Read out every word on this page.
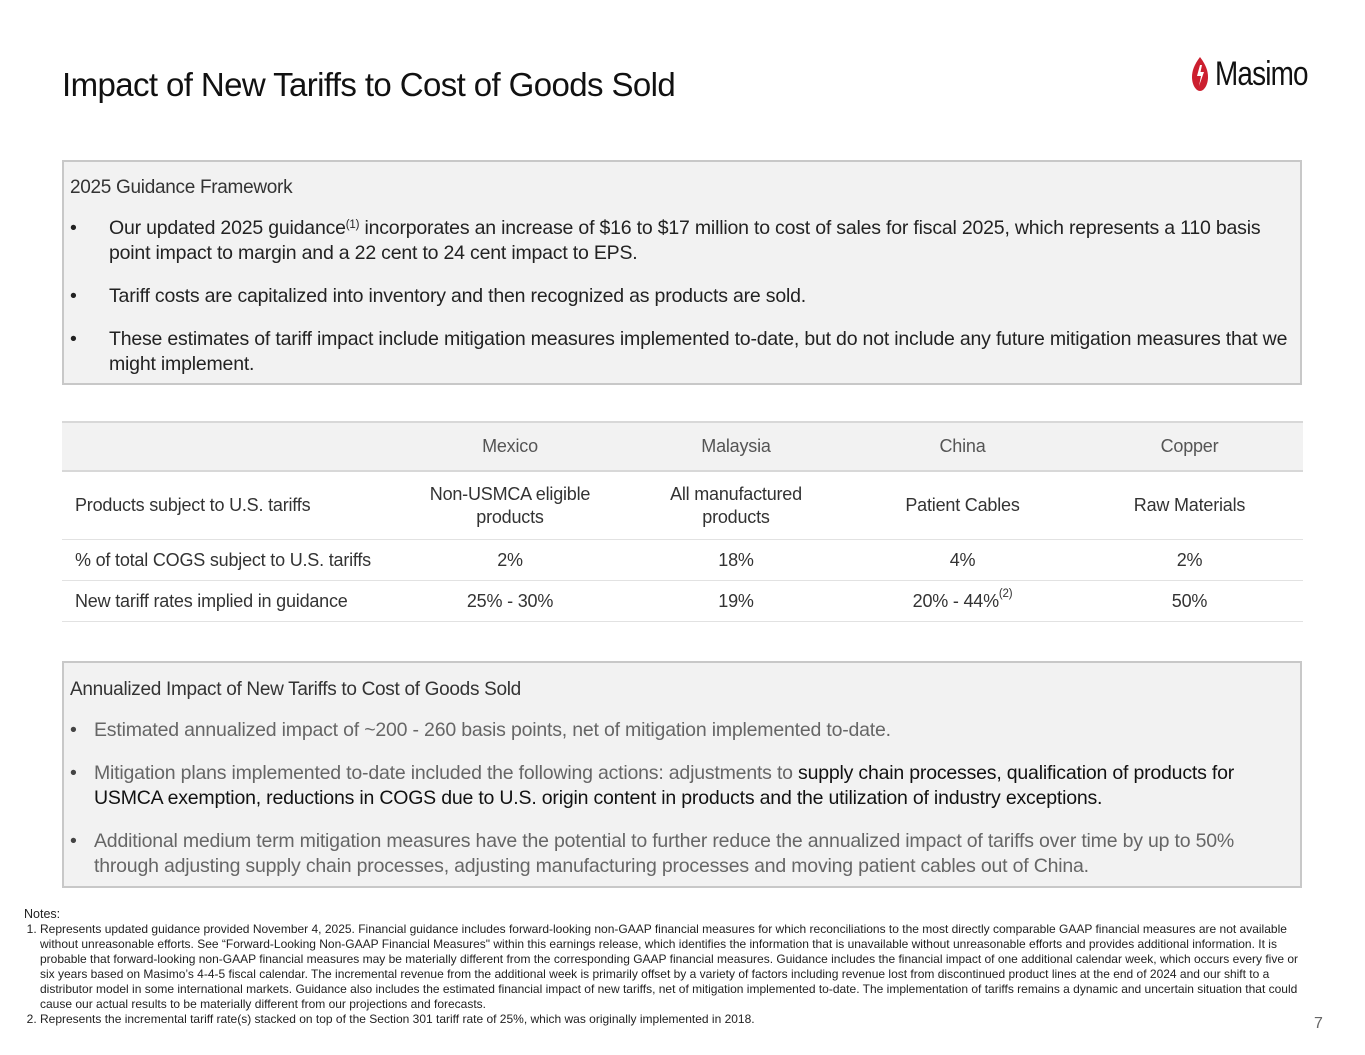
Impact of New Tariffs to Cost of Goods Sold	Masimo
2025 Guidance Framework
• Our updated 2025 guidance$^{(1)}$ incorporates an increase of $16 to $17 million to cost of sales for fiscal 2025, which represents a 110 basis point impact to margin and a 22 cent to 24 cent impact to EPS.
• Tariff costs are capitalized into inventory and then recognized as products are sold.
• These estimates of tariff impact include mitigation measures implemented to-date, but do not include any future mitigation measures that we might implement.
	Mexico	Malaysia	China	Copper
Products subject to U.S. tariffs	Non-USMCA eligible products	All manufactured products	Patient Cables	Raw Materials
% of total COGS subject to U.S. tariffs	2%	18%	4%	2%
New tariff rates implied in guidance	25% - 30%	19%	20% - 44%$^{(2)}$	50%
Annualized Impact of New Tariffs to Cost of Goods Sold
• Estimated annualized impact of ~200 - 260 basis points, net of mitigation implemented to-date.
• Mitigation plans implemented to-date included the following actions: adjustments to supply chain processes, qualification of products for USMCA exemption, reductions in COGS due to U.S. origin content in products and the utilization of industry exceptions.
• Additional medium term mitigation measures have the potential to further reduce the annualized impact of tariffs over time by up to 50% through adjusting supply chain processes, adjusting manufacturing processes and moving patient cables out of China.
Notes:
1. Represents updated guidance provided November 4, 2025. Financial guidance includes forward-looking non-GAAP financial measures for which reconciliations to the most directly comparable GAAP financial measures are not available without unreasonable efforts. See “Forward-Looking Non-GAAP Financial Measures" within this earnings release, which identifies the information that is unavailable without unreasonable efforts and provides additional information. It is probable that forward-looking non-GAAP financial measures may be materially different from the corresponding GAAP financial measures. Guidance includes the financial impact of one additional calendar week, which occurs every five or six years based on Masimo’s 4-4-5 fiscal calendar. The incremental revenue from the additional week is primarily offset by a variety of factors including revenue lost from discontinued product lines at the end of 2024 and our shift to a distributor model in some international markets. Guidance also includes the estimated financial impact of new tariffs, net of mitigation implemented to-date. The implementation of tariffs remains a dynamic and uncertain situation that could cause our actual results to be materially different from our projections and forecasts.
2. Represents the incremental tariff rate(s) stacked on top of the Section 301 tariff rate of 25%, which was originally implemented in 2018.	7
